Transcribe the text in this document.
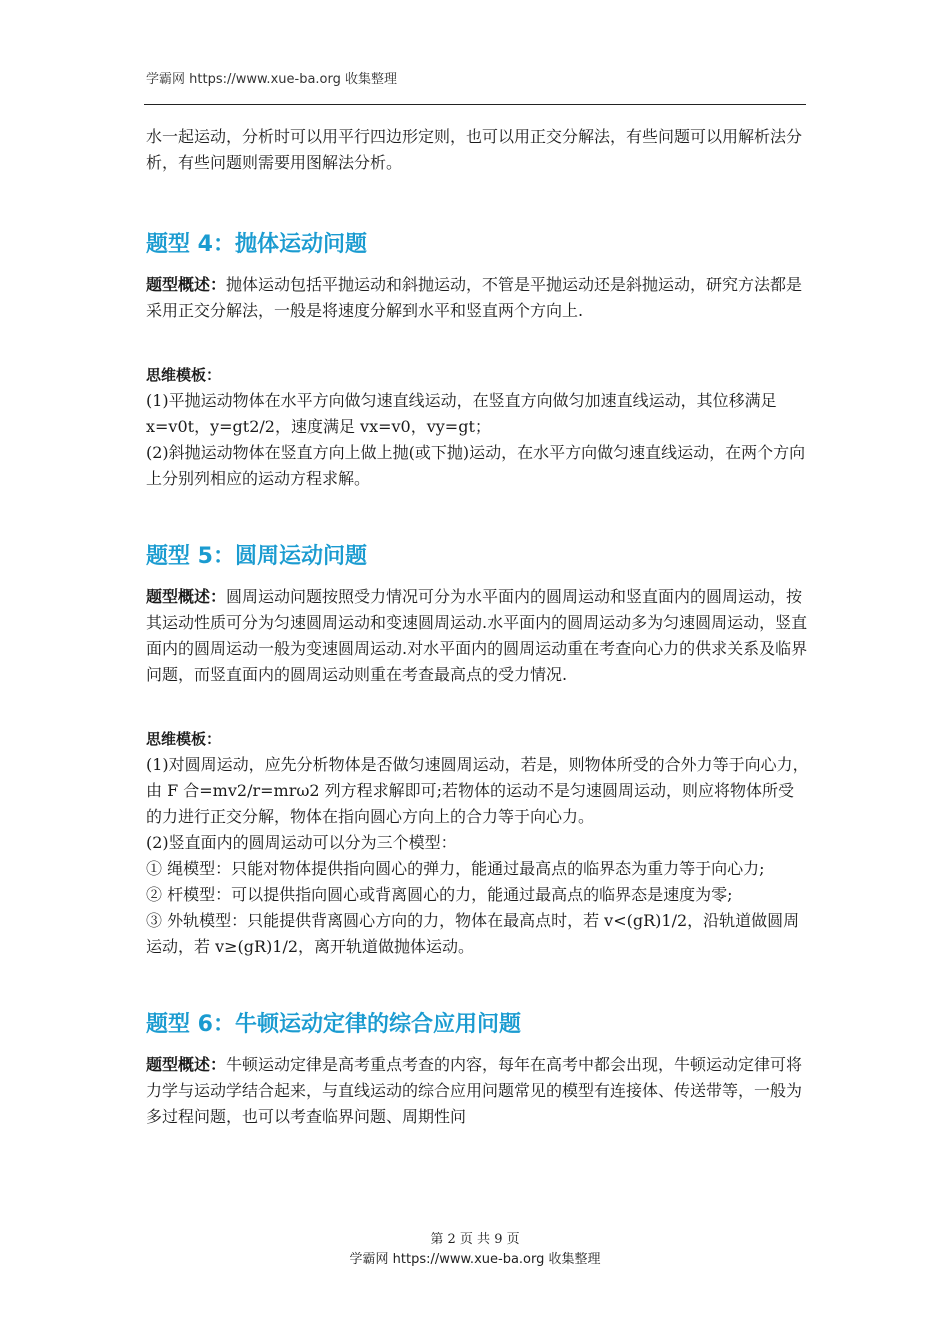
学霸网 https://www.xue-ba.org 收集整理

水一起运动，分析时可以用平行四边形定则，也可以用正交分解法，有些问题可以用解析法分析，有些问题则需要用图解法分析。

题型 4：抛体运动问题

题型概述：抛体运动包括平抛运动和斜抛运动，不管是平抛运动还是斜抛运动，研究方法都是采用正交分解法，一般是将速度分解到水平和竖直两个方向上.

思维模板：

(1)平抛运动物体在水平方向做匀速直线运动，在竖直方向做匀加速直线运动，其位移满足 x=v0t，y=gt2/2，速度满足 vx=v0，vy=gt；

(2)斜抛运动物体在竖直方向上做上抛(或下抛)运动，在水平方向做匀速直线运动，在两个方向上分别列相应的运动方程求解。

题型 5：圆周运动问题

题型概述：圆周运动问题按照受力情况可分为水平面内的圆周运动和竖直面内的圆周运动，按其运动性质可分为匀速圆周运动和变速圆周运动.水平面内的圆周运动多为匀速圆周运动，竖直面内的圆周运动一般为变速圆周运动.对水平面内的圆周运动重在考查向心力的供求关系及临界问题，而竖直面内的圆周运动则重在考查最高点的受力情况.

思维模板：

(1)对圆周运动，应先分析物体是否做匀速圆周运动，若是，则物体所受的合外力等于向心力，由 F 合=mv2/r=mrω2 列方程求解即可;若物体的运动不是匀速圆周运动，则应将物体所受的力进行正交分解，物体在指向圆心方向上的合力等于向心力。

(2)竖直面内的圆周运动可以分为三个模型：

① 绳模型：只能对物体提供指向圆心的弹力，能通过最高点的临界态为重力等于向心力;

② 杆模型：可以提供指向圆心或背离圆心的力，能通过最高点的临界态是速度为零;

③ 外轨模型：只能提供背离圆心方向的力，物体在最高点时，若 v<(gR)1/2，沿轨道做圆周运动，若 v≥(gR)1/2，离开轨道做抛体运动。

题型 6：牛顿运动定律的综合应用问题

题型概述：牛顿运动定律是高考重点考查的内容，每年在高考中都会出现，牛顿运动定律可将力学与运动学结合起来，与直线运动的综合应用问题常见的模型有连接体、传送带等，一般为多过程问题，也可以考查临界问题、周期性问

第 2 页 共 9 页
学霸网 https://www.xue-ba.org 收集整理
